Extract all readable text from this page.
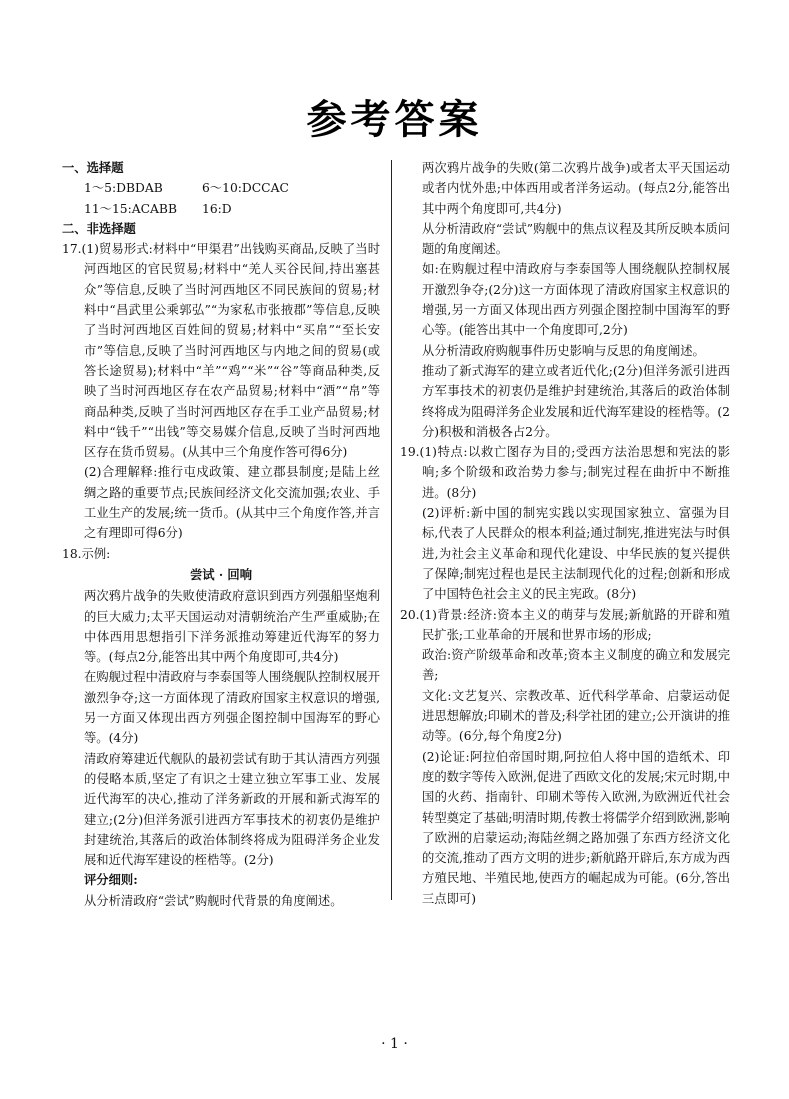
参考答案

一、选择题

1～5:DBDAB	6～10:DCCAC
11～15:ACABB	16:D

二、非选择题

17.(1)贸易形式:材料中“甲渠君”出钱购买商品,反映了当时河西地区的官民贸易;材料中“羌人买谷民间,持出塞甚众”等信息,反映了当时河西地区不同民族间的贸易;材料中“昌武里公乘郭弘”“为家私市张掖郡”等信息,反映了当时河西地区百姓间的贸易;材料中“买帛”“至长安市”等信息,反映了当时河西地区与内地之间的贸易(或答长途贸易);材料中“羊”“鸡”“米”“谷”等商品种类,反映了当时河西地区存在农产品贸易;材料中“酒”“帛”等商品种类,反映了当时河西地区存在手工业产品贸易;材料中“钱千”“出钱”等交易媒介信息,反映了当时河西地区存在货币贸易。(从其中三个角度作答可得6分)

(2)合理解释:推行屯戍政策、建立郡县制度;是陆上丝绸之路的重要节点;民族间经济文化交流加强;农业、手工业生产的发展;统一货币。(从其中三个角度作答,并言之有理即可得6分)

18.示例:

尝试 · 回响

两次鸦片战争的失败使清政府意识到西方列强船坚炮利的巨大威力;太平天国运动对清朝统治产生严重威胁;在中体西用思想指引下洋务派推动筹建近代海军的努力等。(每点2分,能答出其中两个角度即可,共4分)

在购舰过程中清政府与李泰国等人围绕舰队控制权展开激烈争夺;这一方面体现了清政府国家主权意识的增强,另一方面又体现出西方列强企图控制中国海军的野心等。(4分)

清政府筹建近代舰队的最初尝试有助于其认清西方列强的侵略本质,坚定了有识之士建立独立军事工业、发展近代海军的决心,推动了洋务新政的开展和新式海军的建立;(2分)但洋务派引进西方军事技术的初衷仍是维护封建统治,其落后的政治体制终将成为阻碍洋务企业发展和近代海军建设的桎梏等。(2分)

评分细则:

从分析清政府“尝试”购舰时代背景的角度阐述。

两次鸦片战争的失败(第二次鸦片战争)或者太平天国运动或者内忧外患;中体西用或者洋务运动。(每点2分,能答出其中两个角度即可,共4分)

从分析清政府“尝试”购舰中的焦点议程及其所反映本质问题的角度阐述。

如:在购舰过程中清政府与李泰国等人围绕舰队控制权展开激烈争夺;(2分)这一方面体现了清政府国家主权意识的增强,另一方面又体现出西方列强企图控制中国海军的野心等。(能答出其中一个角度即可,2分)

从分析清政府购舰事件历史影响与反思的角度阐述。

推动了新式海军的建立或者近代化;(2分)但洋务派引进西方军事技术的初衷仍是维护封建统治,其落后的政治体制终将成为阻碍洋务企业发展和近代海军建设的桎梏等。(2分)积极和消极各占2分。

19.(1)特点:以救亡图存为目的;受西方法治思想和宪法的影响;多个阶级和政治势力参与;制宪过程在曲折中不断推进。(8分)

(2)评析:新中国的制宪实践以实现国家独立、富强为目标,代表了人民群众的根本利益;通过制宪,推进宪法与时俱进,为社会主义革命和现代化建设、中华民族的复兴提供了保障;制宪过程也是民主法制现代化的过程;创新和形成了中国特色社会主义的民主宪政。(8分)

20.(1)背景:经济:资本主义的萌芽与发展;新航路的开辟和殖民扩张;工业革命的开展和世界市场的形成;

政治:资产阶级革命和改革;资本主义制度的确立和发展完善;

文化:文艺复兴、宗教改革、近代科学革命、启蒙运动促进思想解放;印刷术的普及;科学社团的建立;公开演讲的推动等。(6分,每个角度2分)

(2)论证:阿拉伯帝国时期,阿拉伯人将中国的造纸术、印度的数字等传入欧洲,促进了西欧文化的发展;宋元时期,中国的火药、指南针、印刷术等传入欧洲,为欧洲近代社会转型奠定了基础;明清时期,传教士将儒学介绍到欧洲,影响了欧洲的启蒙运动;海陆丝绸之路加强了东西方经济文化的交流,推动了西方文明的进步;新航路开辟后,东方成为西方殖民地、半殖民地,使西方的崛起成为可能。(6分,答出三点即可)

· 1 ·
